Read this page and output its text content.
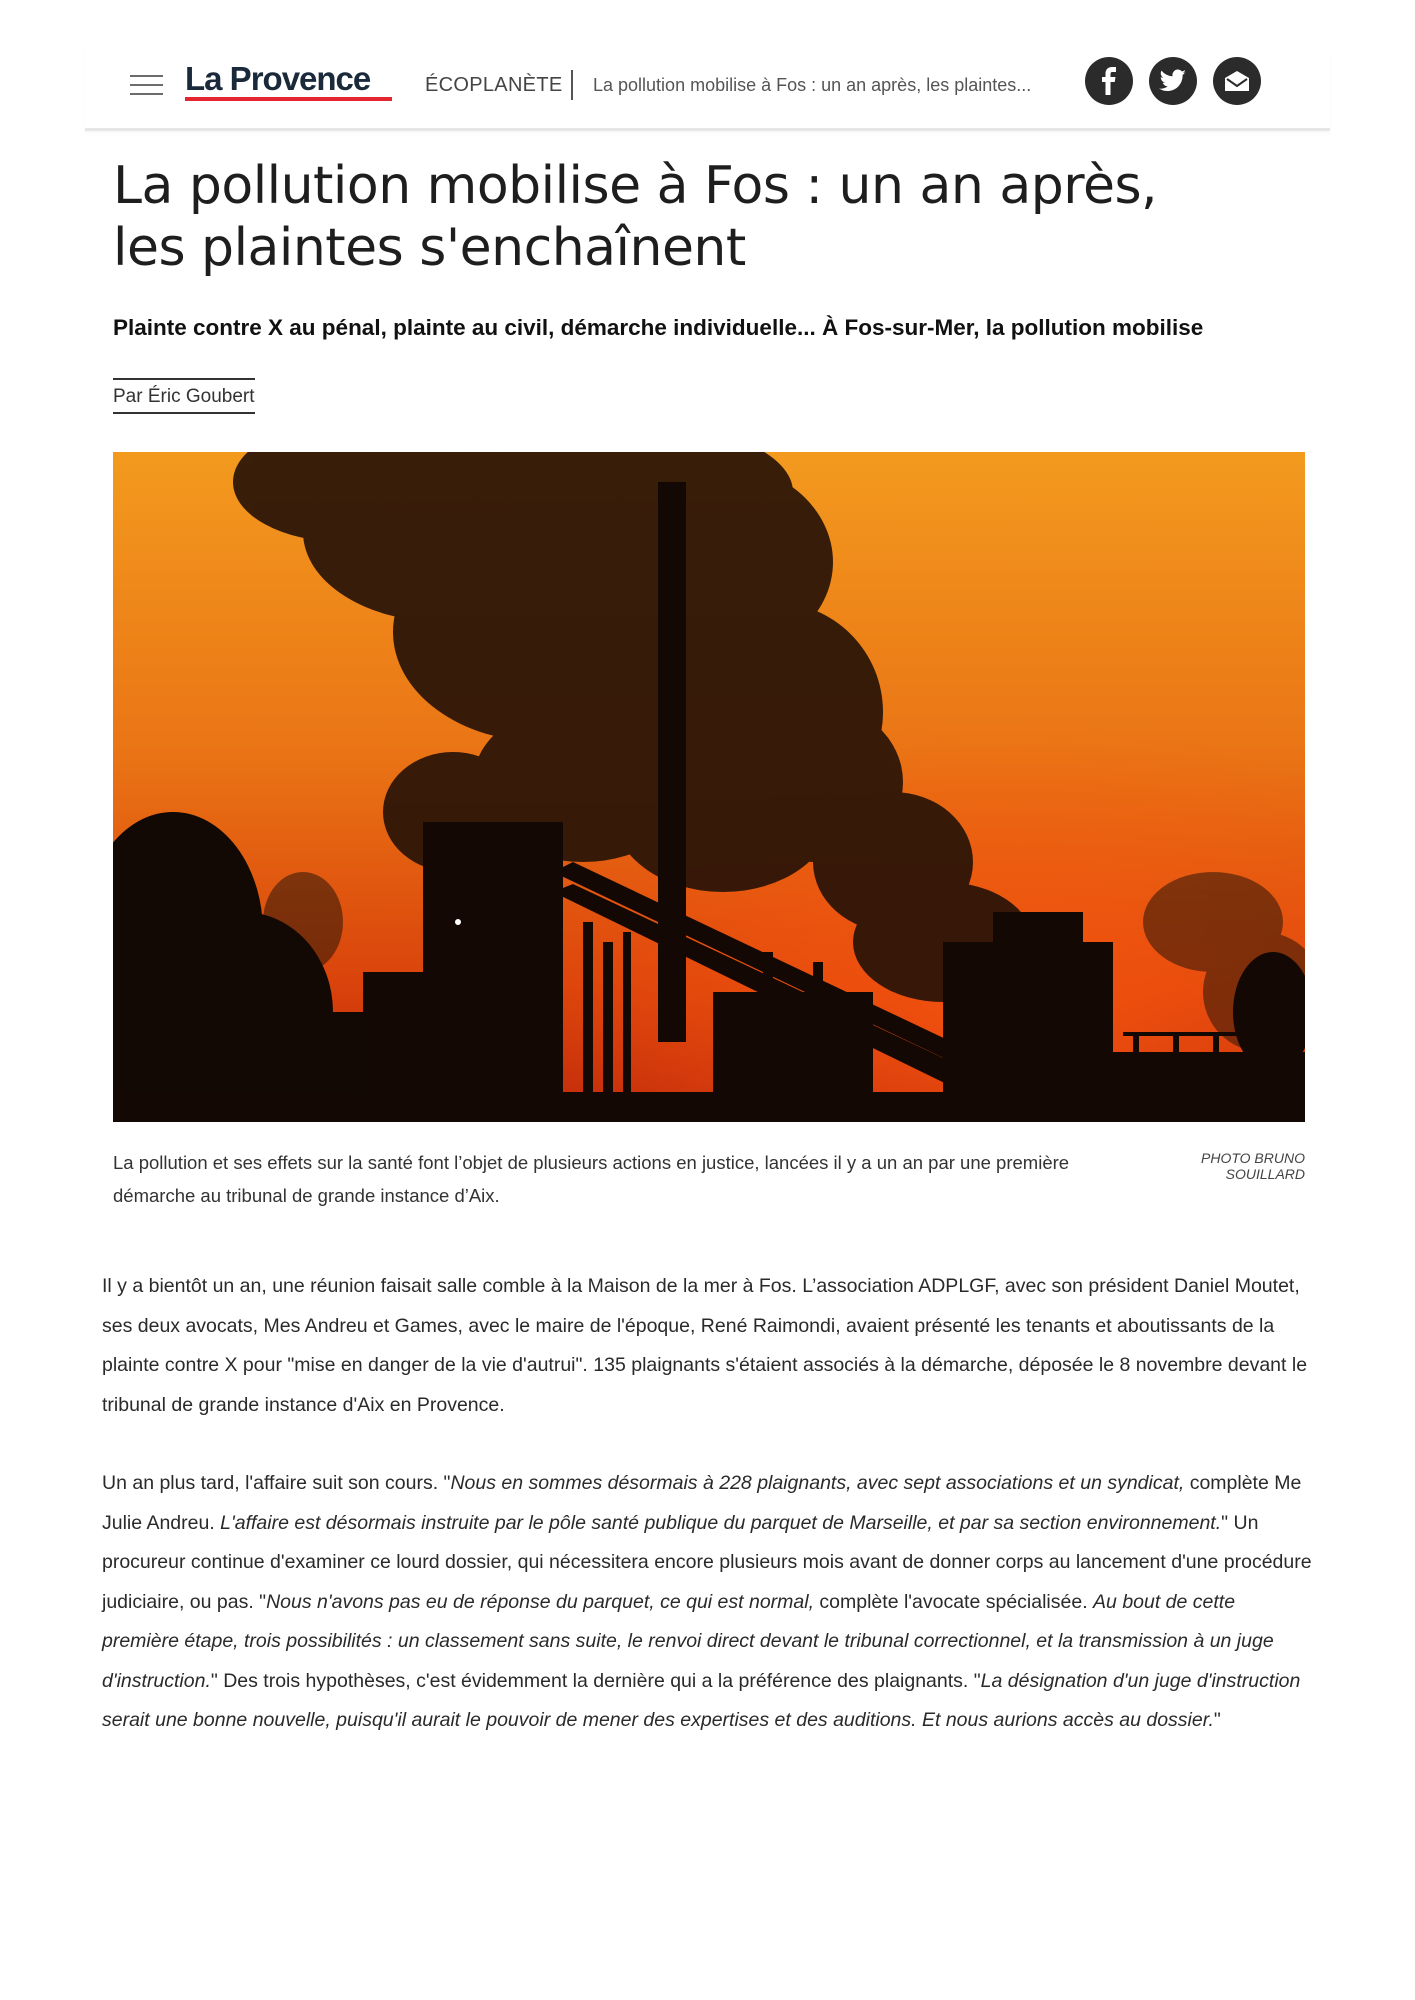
La Provence	ÉCOPLANÈTE La pollution mobilise à Fos : un an après, les plaintes...
La pollution mobilise à Fos : un an après, les plaintes s'enchaînent
Plainte contre X au pénal, plainte au civil, démarche individuelle... À Fos-sur-Mer, la pollution mobilise
Par Éric Goubert
La pollution et ses effets sur la santé font l’objet de plusieurs actions en justice, lancées il y a un an par une première démarche au tribunal de grande instance d’Aix.
PHOTO BRUNO SOUILLARD

Il y a bientôt un an, une réunion faisait salle comble à la Maison de la mer à Fos. L’association ADPLGF, avec son président Daniel Moutet, ses deux avocats, Mes Andreu et Games, avec le maire de l'époque, René Raimondi, avaient présenté les tenants et aboutissants de la plainte contre X pour "mise en danger de la vie d'autrui". 135 plaignants s'étaient associés à la démarche, déposée le 8 novembre devant le tribunal de grande instance d'Aix en Provence.

Un an plus tard, l'affaire suit son cours. "Nous en sommes désormais à 228 plaignants, avec sept associations et un syndicat, complète Me Julie Andreu. L'affaire est désormais instruite par le pôle santé publique du parquet de Marseille, et par sa section environnement." Un procureur continue d'examiner ce lourd dossier, qui nécessitera encore plusieurs mois avant de donner corps au lancement d'une procédure judiciaire, ou pas. "Nous n'avons pas eu de réponse du parquet, ce qui est normal, complète l'avocate spécialisée. Au bout de cette première étape, trois possibilités : un classement sans suite, le renvoi direct devant le tribunal correctionnel, et la transmission à un juge d'instruction." Des trois hypothèses, c'est évidemment la dernière qui a la préférence des plaignants. "La désignation d'un juge d'instruction serait une bonne nouvelle, puisqu'il aurait le pouvoir de mener des expertises et des auditions. Et nous aurions accès au dossier."
